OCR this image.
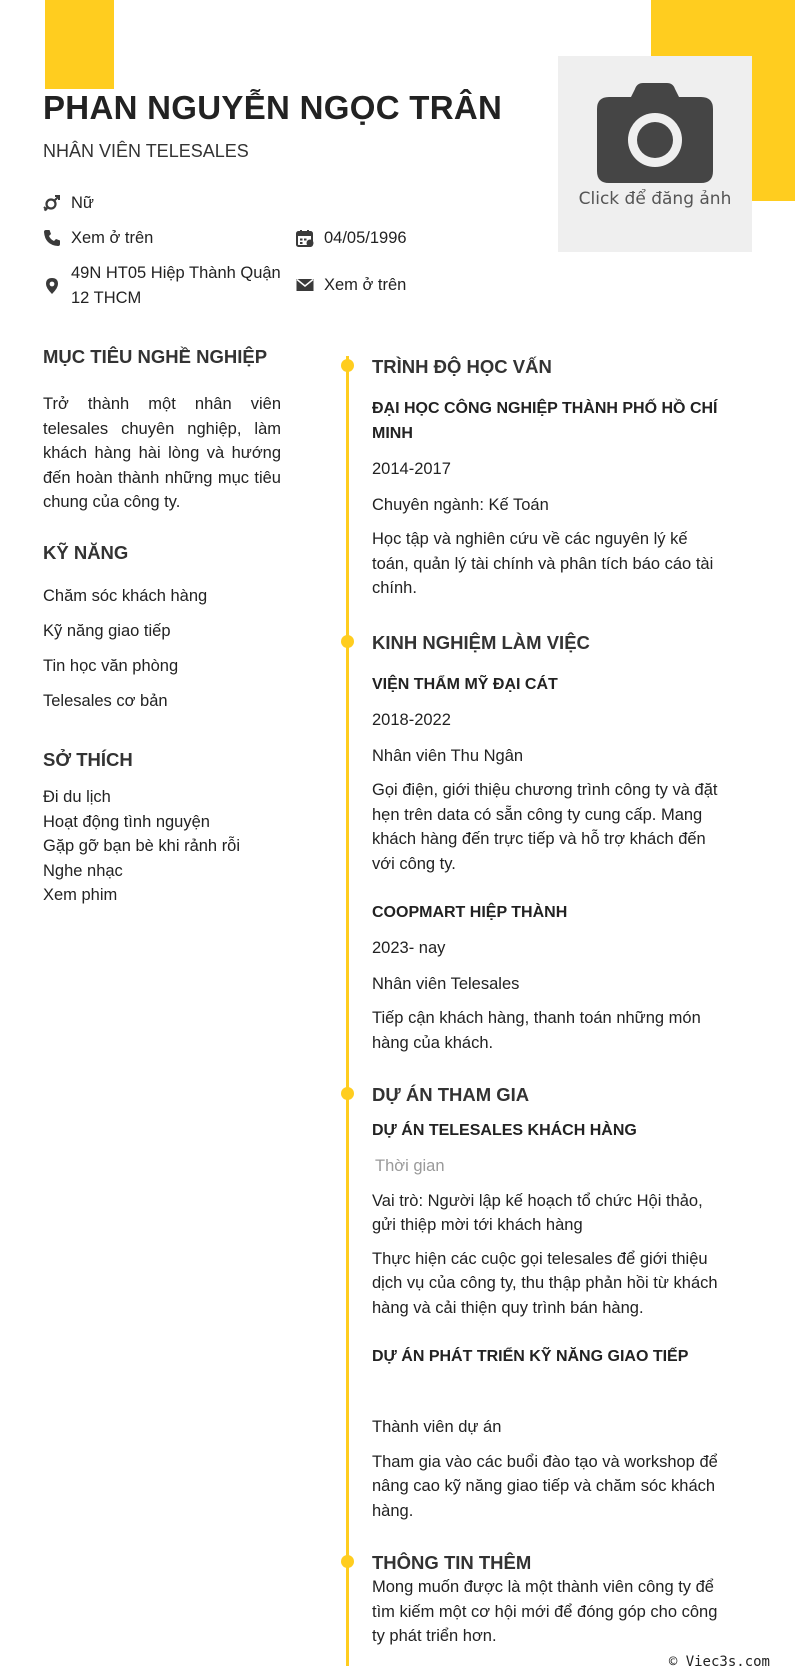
Click để đăng ảnh
PHAN NGUYỄN NGỌC TRÂN
NHÂN VIÊN TELESALES
Nữ
Xem ở trên	04/05/1996
49N HT05 Hiệp Thành Quận
12 THCM
Xem ở trên
MỤC TIÊU NGHỀ NGHIỆP
Trở thành một nhân viên telesales chuyên nghiệp, làm khách hàng hài lòng và hướng đến hoàn thành những mục tiêu chung của công ty.
KỸ NĂNG
Chăm sóc khách hàng
Kỹ năng giao tiếp
Tin học văn phòng
Telesales cơ bản
SỞ THÍCH
Đi du lịch
Hoạt động tình nguyện
Gặp gỡ bạn bè khi rảnh rỗi
Nghe nhạc
Xem phim
TRÌNH ĐỘ HỌC VẤN
ĐẠI HỌC CÔNG NGHIỆP THÀNH PHỐ HỒ CHÍ
MINH
2014-2017
Chuyên ngành: Kế Toán
Học tập và nghiên cứu về các nguyên lý kế toán, quản lý tài chính và phân tích báo cáo tài chính.
KINH NGHIỆM LÀM VIỆC
VIỆN THẨM MỸ ĐẠI CÁT
2018-2022
Nhân viên Thu Ngân
Gọi điện, giới thiệu chương trình công ty và đặt hẹn trên data có sẵn công ty cung cấp. Mang khách hàng đến trực tiếp và hỗ trợ khách đến với công ty.
COOPMART HIỆP THÀNH
2023- nay
Nhân viên Telesales
Tiếp cận khách hàng, thanh toán những món hàng của khách.
DỰ ÁN THAM GIA
DỰ ÁN TELESALES KHÁCH HÀNG
Thời gian
Vai trò: Người lập kế hoạch tổ chức Hội thảo, gửi thiệp mời tới khách hàng
Thực hiện các cuộc gọi telesales để giới thiệu dịch vụ của công ty, thu thập phản hồi từ khách hàng và cải thiện quy trình bán hàng.
DỰ ÁN PHÁT TRIỂN KỸ NĂNG GIAO TIẾP
Thành viên dự án
Tham gia vào các buổi đào tạo và workshop để nâng cao kỹ năng giao tiếp và chăm sóc khách hàng.
THÔNG TIN THÊM
Mong muốn được là một thành viên công ty để tìm kiếm một cơ hội mới để đóng góp cho công ty phát triển hơn.
© Viec3s.com
